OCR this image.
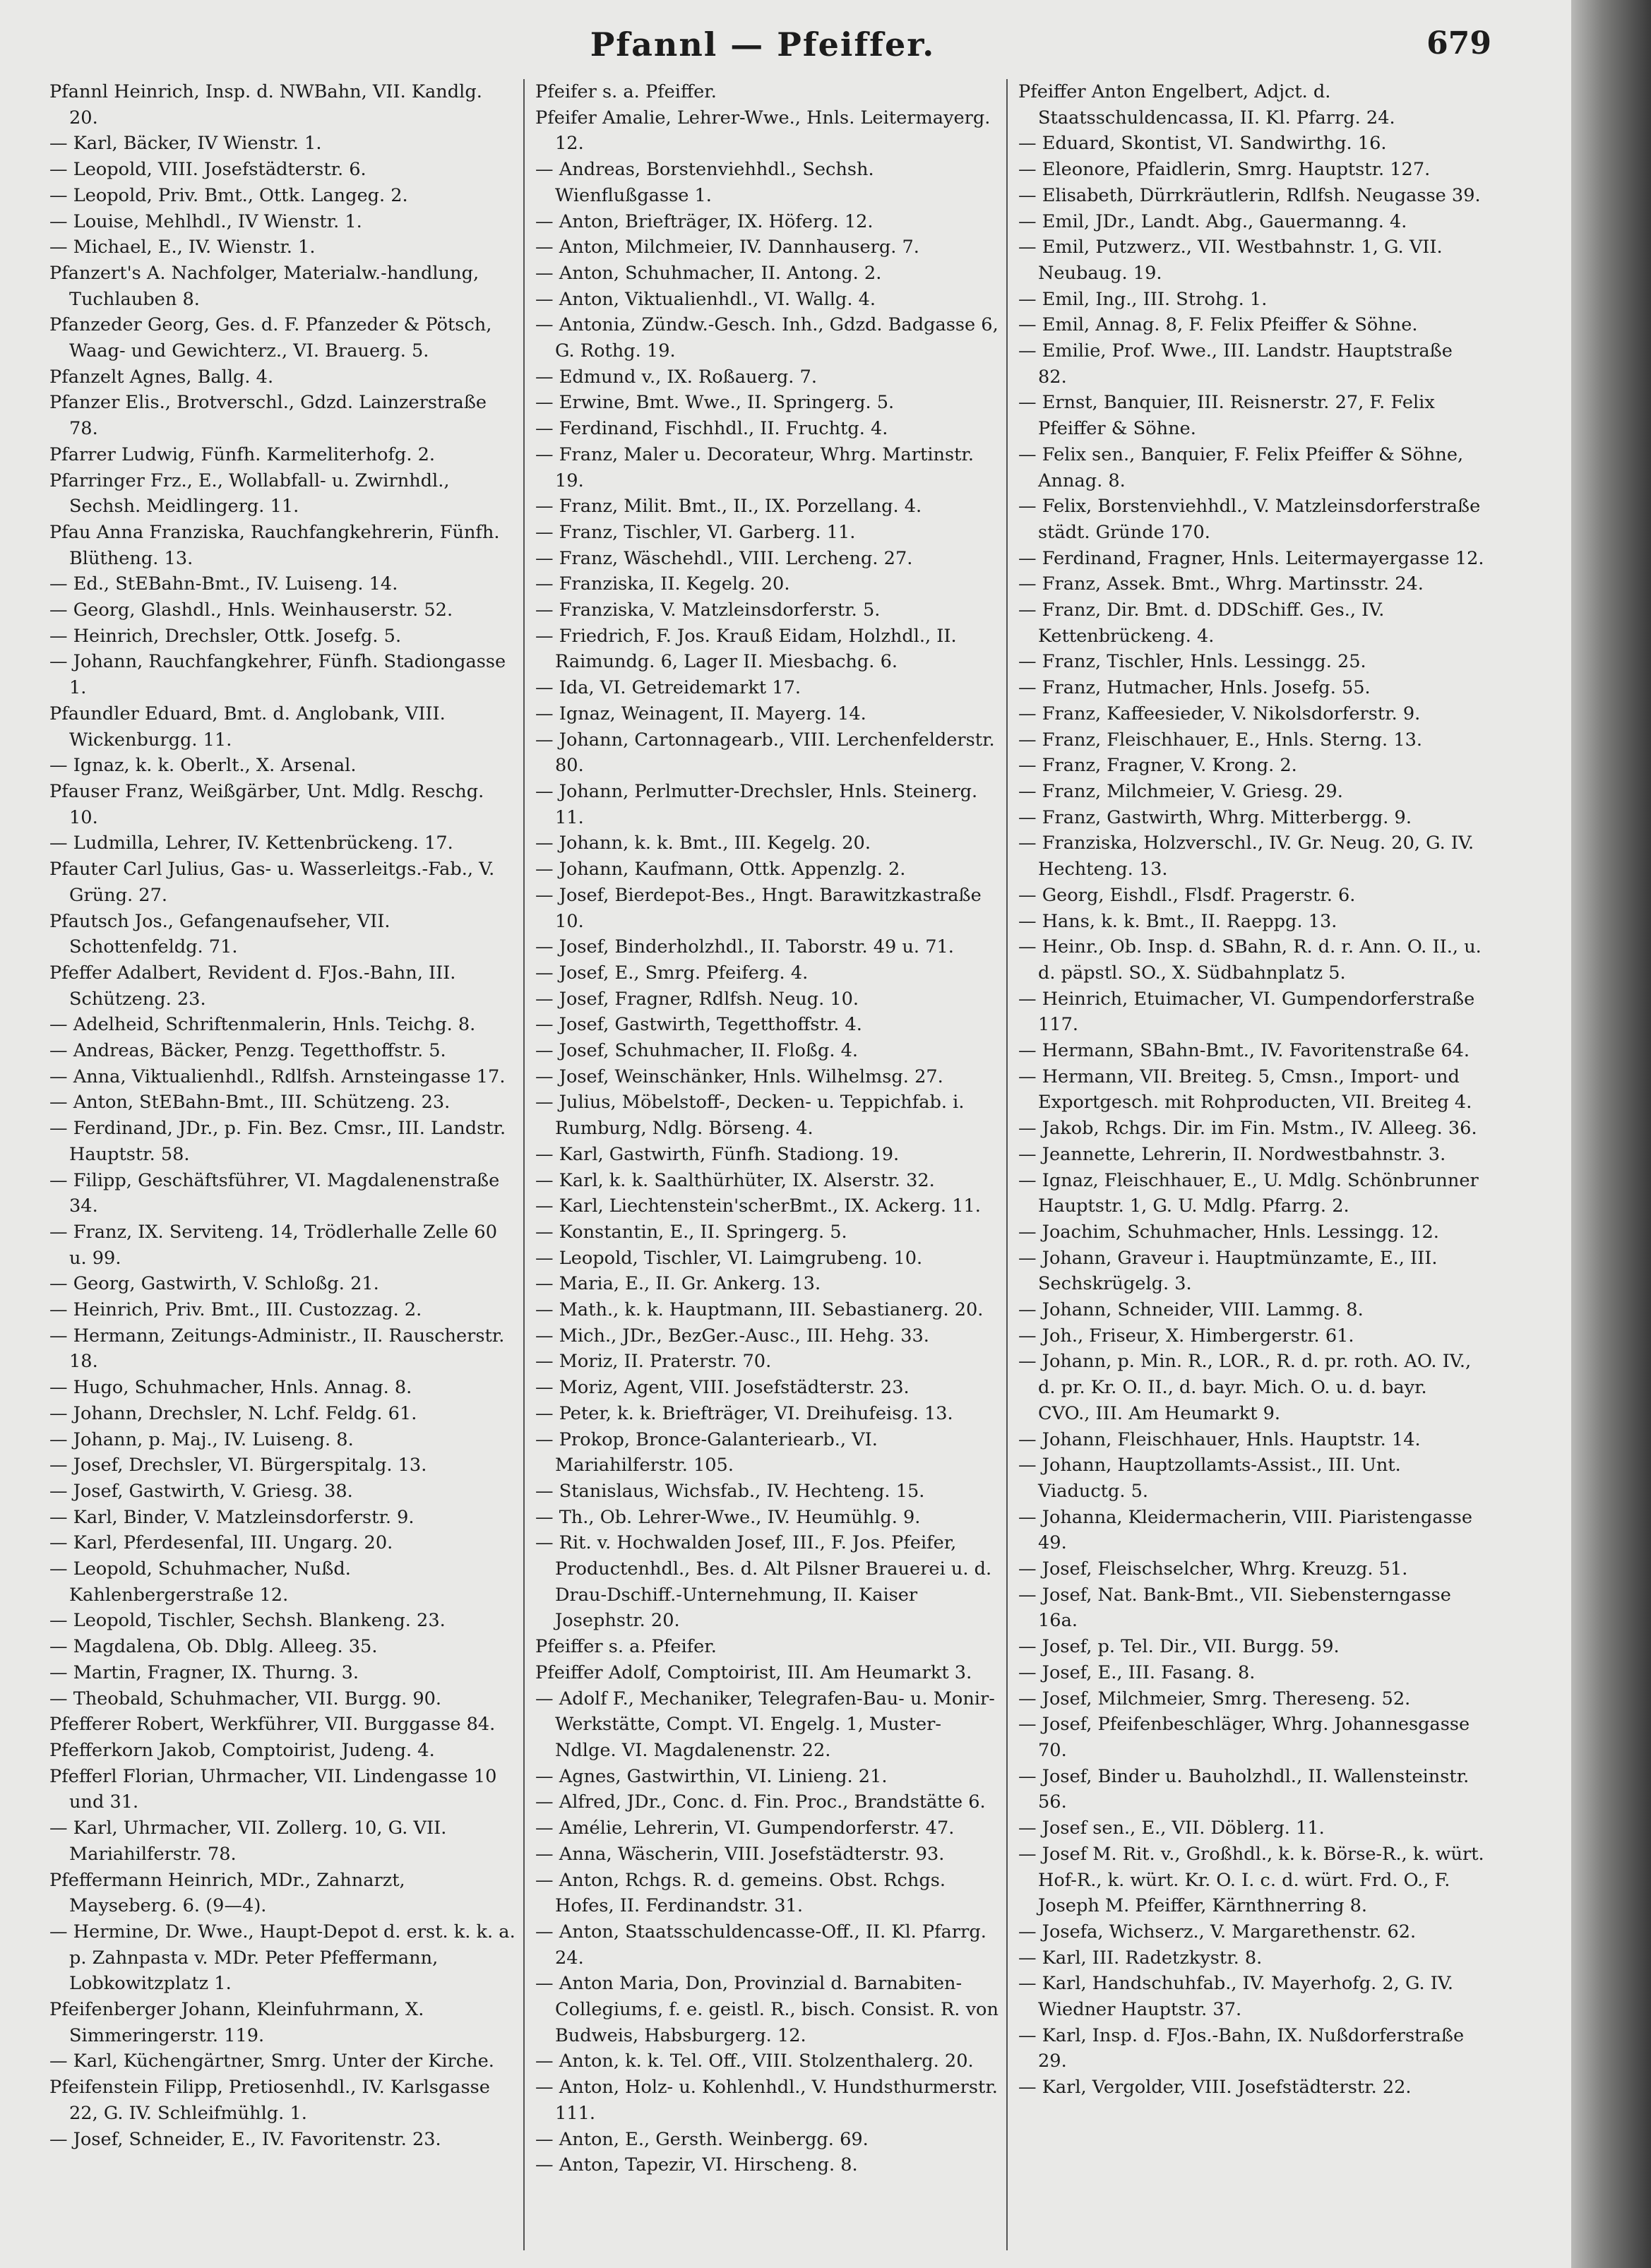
Pfannl — Pfeiffer.	679

Pfannl Heinrich, Insp. d. NWBahn, VII. Kandlg. 20.

— Karl, Bäcker, IV Wienstr. 1.

— Leopold, VIII. Josefstädterstr. 6.

— Leopold, Priv. Bmt., Ottk. Langeg. 2.

— Louise, Mehlhdl., IV Wienstr. 1.

— Michael, E., IV. Wienstr. 1.

Pfanzert's A. Nachfolger, Materialw.-handlung, Tuchlauben 8.

Pfanzeder Georg, Ges. d. F. Pfanzeder & Pötsch, Waag- und Gewichterz., VI. Brauerg. 5.

Pfanzelt Agnes, Ballg. 4.

Pfanzer Elis., Brotverschl., Gdzd. Lainzerstraße 78.

Pfarrer Ludwig, Fünfh. Karmeliterhofg. 2.

Pfarringer Frz., E., Wollabfall- u. Zwirnhdl., Sechsh. Meidlingerg. 11.

Pfau Anna Franziska, Rauchfangkehrerin, Fünfh. Blütheng. 13.

— Ed., StEBahn-Bmt., IV. Luiseng. 14.

— Georg, Glashdl., Hnls. Weinhauserstr. 52.

— Heinrich, Drechsler, Ottk. Josefg. 5.

— Johann, Rauchfangkehrer, Fünfh. Stadiongasse 1.

Pfaundler Eduard, Bmt. d. Anglobank, VIII. Wickenburgg. 11.

— Ignaz, k. k. Oberlt., X. Arsenal.

Pfauser Franz, Weißgärber, Unt. Mdlg. Reschg. 10.

— Ludmilla, Lehrer, IV. Kettenbrückeng. 17.

Pfauter Carl Julius, Gas- u. Wasserleitgs.-Fab., V. Grüng. 27.

Pfautsch Jos., Gefangenaufseher, VII. Schottenfeldg. 71.

Pfeffer Adalbert, Revident d. FJos.-Bahn, III. Schützeng. 23.

— Adelheid, Schriftenmalerin, Hnls. Teichg. 8.

— Andreas, Bäcker, Penzg. Tegetthoffstr. 5.

— Anna, Viktualienhdl., Rdlfsh. Arnsteingasse 17.

— Anton, StEBahn-Bmt., III. Schützeng. 23.

— Ferdinand, JDr., p. Fin. Bez. Cmsr., III. Landstr. Hauptstr. 58.

— Filipp, Geschäftsführer, VI. Magdalenenstraße 34.

— Franz, IX. Serviteng. 14, Trödlerhalle Zelle 60 u. 99.

— Georg, Gastwirth, V. Schloßg. 21.

— Heinrich, Priv. Bmt., III. Custozzag. 2.

— Hermann, Zeitungs-Administr., II. Rauscherstr. 18.

— Hugo, Schuhmacher, Hnls. Annag. 8.

— Johann, Drechsler, N. Lchf. Feldg. 61.

— Johann, p. Maj., IV. Luiseng. 8.

— Josef, Drechsler, VI. Bürgerspitalg. 13.

— Josef, Gastwirth, V. Griesg. 38.

— Karl, Binder, V. Matzleinsdorferstr. 9.

— Karl, Pferdesenfal, III. Ungarg. 20.

— Leopold, Schuhmacher, Nußd. Kahlenbergerstraße 12.

— Leopold, Tischler, Sechsh. Blankeng. 23.

— Magdalena, Ob. Dblg. Alleeg. 35.

— Martin, Fragner, IX. Thurng. 3.

— Theobald, Schuhmacher, VII. Burgg. 90.

Pfefferer Robert, Werkführer, VII. Burggasse 84.

Pfefferkorn Jakob, Comptoirist, Judeng. 4.

Pfefferl Florian, Uhrmacher, VII. Lindengasse 10 und 31.

— Karl, Uhrmacher, VII. Zollerg. 10, G. VII. Mariahilferstr. 78.

Pfeffermann Heinrich, MDr., Zahnarzt, Mayseberg. 6. (9—4).

— Hermine, Dr. Wwe., Haupt-Depot d. erst. k. k. a. p. Zahnpasta v. MDr. Peter Pfeffermann, Lobkowitzplatz 1.

Pfeifenberger Johann, Kleinfuhrmann, X. Simmeringerstr. 119.

— Karl, Küchengärtner, Smrg. Unter der Kirche.

Pfeifenstein Filipp, Pretiosenhdl., IV. Karlsgasse 22, G. IV. Schleifmühlg. 1.

— Josef, Schneider, E., IV. Favoritenstr. 23.

Pfeifer s. a. Pfeiffer.

Pfeifer Amalie, Lehrer-Wwe., Hnls. Leitermayerg. 12.

— Andreas, Borstenviehhdl., Sechsh. Wienflußgasse 1.

— Anton, Briefträger, IX. Höferg. 12.

— Anton, Milchmeier, IV. Dannhauserg. 7.

— Anton, Schuhmacher, II. Antong. 2.

— Anton, Viktualienhdl., VI. Wallg. 4.

— Antonia, Zündw.-Gesch. Inh., Gdzd. Badgasse 6, G. Rothg. 19.

— Edmund v., IX. Roßauerg. 7.

— Erwine, Bmt. Wwe., II. Springerg. 5.

— Ferdinand, Fischhdl., II. Fruchtg. 4.

— Franz, Maler u. Decorateur, Whrg. Martinstr. 19.

— Franz, Milit. Bmt., II., IX. Porzellang. 4.

— Franz, Tischler, VI. Garberg. 11.

— Franz, Wäschehdl., VIII. Lercheng. 27.

— Franziska, II. Kegelg. 20.

— Franziska, V. Matzleinsdorferstr. 5.

— Friedrich, F. Jos. Krauß Eidam, Holzhdl., II. Raimundg. 6, Lager II. Miesbachg. 6.

— Ida, VI. Getreidemarkt 17.

— Ignaz, Weinagent, II. Mayerg. 14.

— Johann, Cartonnagearb., VIII. Lerchenfelderstr. 80.

— Johann, Perlmutter-Drechsler, Hnls. Steinerg. 11.

— Johann, k. k. Bmt., III. Kegelg. 20.

— Johann, Kaufmann, Ottk. Appenzlg. 2.

— Josef, Bierdepot-Bes., Hngt. Barawitzkastraße 10.

— Josef, Binderholzhdl., II. Taborstr. 49 u. 71.

— Josef, E., Smrg. Pfeiferg. 4.

— Josef, Fragner, Rdlfsh. Neug. 10.

— Josef, Gastwirth, Tegetthoffstr. 4.

— Josef, Schuhmacher, II. Floßg. 4.

— Josef, Weinschänker, Hnls. Wilhelmsg. 27.

— Julius, Möbelstoff-, Decken- u. Teppichfab. i. Rumburg, Ndlg. Börseng. 4.

— Karl, Gastwirth, Fünfh. Stadiong. 19.

— Karl, k. k. Saalthürhüter, IX. Alserstr. 32.

— Karl, Liechtenstein'scherBmt., IX. Ackerg. 11.

— Konstantin, E., II. Springerg. 5.

— Leopold, Tischler, VI. Laimgrubeng. 10.

— Maria, E., II. Gr. Ankerg. 13.

— Math., k. k. Hauptmann, III. Sebastianerg. 20.

— Mich., JDr., BezGer.-Ausc., III. Hehg. 33.

— Moriz, II. Praterstr. 70.

— Moriz, Agent, VIII. Josefstädterstr. 23.

— Peter, k. k. Briefträger, VI. Dreihufeisg. 13.

— Prokop, Bronce-Galanteriearb., VI. Mariahilferstr. 105.

— Stanislaus, Wichsfab., IV. Hechteng. 15.

— Th., Ob. Lehrer-Wwe., IV. Heumühlg. 9.

— Rit. v. Hochwalden Josef, III., F. Jos. Pfeifer, Productenhdl., Bes. d. Alt Pilsner Brauerei u. d. Drau-Dschiff.-Unternehmung, II. Kaiser Josephstr. 20.

Pfeiffer s. a. Pfeifer.

Pfeiffer Adolf, Comptoirist, III. Am Heumarkt 3.

— Adolf F., Mechaniker, Telegrafen-Bau- u. Monir-Werkstätte, Compt. VI. Engelg. 1, Muster-Ndlge. VI. Magdalenenstr. 22.

— Agnes, Gastwirthin, VI. Linieng. 21.

— Alfred, JDr., Conc. d. Fin. Proc., Brandstätte 6.

— Amélie, Lehrerin, VI. Gumpendorferstr. 47.

— Anna, Wäscherin, VIII. Josefstädterstr. 93.

— Anton, Rchgs. R. d. gemeins. Obst. Rchgs. Hofes, II. Ferdinandstr. 31.

— Anton, Staatsschuldencasse-Off., II. Kl. Pfarrg. 24.

— Anton Maria, Don, Provinzial d. Barnabiten-Collegiums, f. e. geistl. R., bisch. Consist. R. von Budweis, Habsburgerg. 12.

— Anton, k. k. Tel. Off., VIII. Stolzenthalerg. 20.

— Anton, Holz- u. Kohlenhdl., V. Hundsthurmerstr. 111.

— Anton, E., Gersth. Weinbergg. 69.

— Anton, Tapezir, VI. Hirscheng. 8.

Pfeiffer Anton Engelbert, Adjct. d. Staatsschuldencassa, II. Kl. Pfarrg. 24.

— Eduard, Skontist, VI. Sandwirthg. 16.

— Eleonore, Pfaidlerin, Smrg. Hauptstr. 127.

— Elisabeth, Dürrkräutlerin, Rdlfsh. Neugasse 39.

— Emil, JDr., Landt. Abg., Gauermanng. 4.

— Emil, Putzwerz., VII. Westbahnstr. 1, G. VII. Neubaug. 19.

— Emil, Ing., III. Strohg. 1.

— Emil, Annag. 8, F. Felix Pfeiffer & Söhne.

— Emilie, Prof. Wwe., III. Landstr. Hauptstraße 82.

— Ernst, Banquier, III. Reisnerstr. 27, F. Felix Pfeiffer & Söhne.

— Felix sen., Banquier, F. Felix Pfeiffer & Söhne, Annag. 8.

— Felix, Borstenviehhdl., V. Matzleinsdorferstraße städt. Gründe 170.

— Ferdinand, Fragner, Hnls. Leitermayergasse 12.

— Franz, Assek. Bmt., Whrg. Martinsstr. 24.

— Franz, Dir. Bmt. d. DDSchiff. Ges., IV. Kettenbrückeng. 4.

— Franz, Tischler, Hnls. Lessingg. 25.

— Franz, Hutmacher, Hnls. Josefg. 55.

— Franz, Kaffeesieder, V. Nikolsdorferstr. 9.

— Franz, Fleischhauer, E., Hnls. Sterng. 13.

— Franz, Fragner, V. Krong. 2.

— Franz, Milchmeier, V. Griesg. 29.

— Franz, Gastwirth, Whrg. Mitterbergg. 9.

— Franziska, Holzverschl., IV. Gr. Neug. 20, G. IV. Hechteng. 13.

— Georg, Eishdl., Flsdf. Pragerstr. 6.

— Hans, k. k. Bmt., II. Raeppg. 13.

— Heinr., Ob. Insp. d. SBahn, R. d. r. Ann. O. II., u. d. päpstl. SO., X. Südbahnplatz 5.

— Heinrich, Etuimacher, VI. Gumpendorferstraße 117.

— Hermann, SBahn-Bmt., IV. Favoritenstraße 64.

— Hermann, VII. Breiteg. 5, Cmsn., Import- und Exportgesch. mit Rohproducten, VII. Breiteg 4.

— Jakob, Rchgs. Dir. im Fin. Mstm., IV. Alleeg. 36.

— Jeannette, Lehrerin, II. Nordwestbahnstr. 3.

— Ignaz, Fleischhauer, E., U. Mdlg. Schönbrunner Hauptstr. 1, G. U. Mdlg. Pfarrg. 2.

— Joachim, Schuhmacher, Hnls. Lessingg. 12.

— Johann, Graveur i. Hauptmünzamte, E., III. Sechskrügelg. 3.

— Johann, Schneider, VIII. Lammg. 8.

— Joh., Friseur, X. Himbergerstr. 61.

— Johann, p. Min. R., LOR., R. d. pr. roth. AO. IV., d. pr. Kr. O. II., d. bayr. Mich. O. u. d. bayr. CVO., III. Am Heumarkt 9.

— Johann, Fleischhauer, Hnls. Hauptstr. 14.

— Johann, Hauptzollamts-Assist., III. Unt. Viaductg. 5.

— Johanna, Kleidermacherin, VIII. Piaristengasse 49.

— Josef, Fleischselcher, Whrg. Kreuzg. 51.

— Josef, Nat. Bank-Bmt., VII. Siebensterngasse 16a.

— Josef, p. Tel. Dir., VII. Burgg. 59.

— Josef, E., III. Fasang. 8.

— Josef, Milchmeier, Smrg. Thereseng. 52.

— Josef, Pfeifenbeschläger, Whrg. Johannesgasse 70.

— Josef, Binder u. Bauholzhdl., II. Wallensteinstr. 56.

— Josef sen., E., VII. Döblerg. 11.

— Josef M. Rit. v., Großhdl., k. k. Börse-R., k. würt. Hof-R., k. würt. Kr. O. I. c. d. würt. Frd. O., F. Joseph M. Pfeiffer, Kärnthnerring 8.

— Josefa, Wichserz., V. Margarethenstr. 62.

— Karl, III. Radetzkystr. 8.

— Karl, Handschuhfab., IV. Mayerhofg. 2, G. IV. Wiedner Hauptstr. 37.

— Karl, Insp. d. FJos.-Bahn, IX. Nußdorferstraße 29.

— Karl, Vergolder, VIII. Josefstädterstr. 22.
